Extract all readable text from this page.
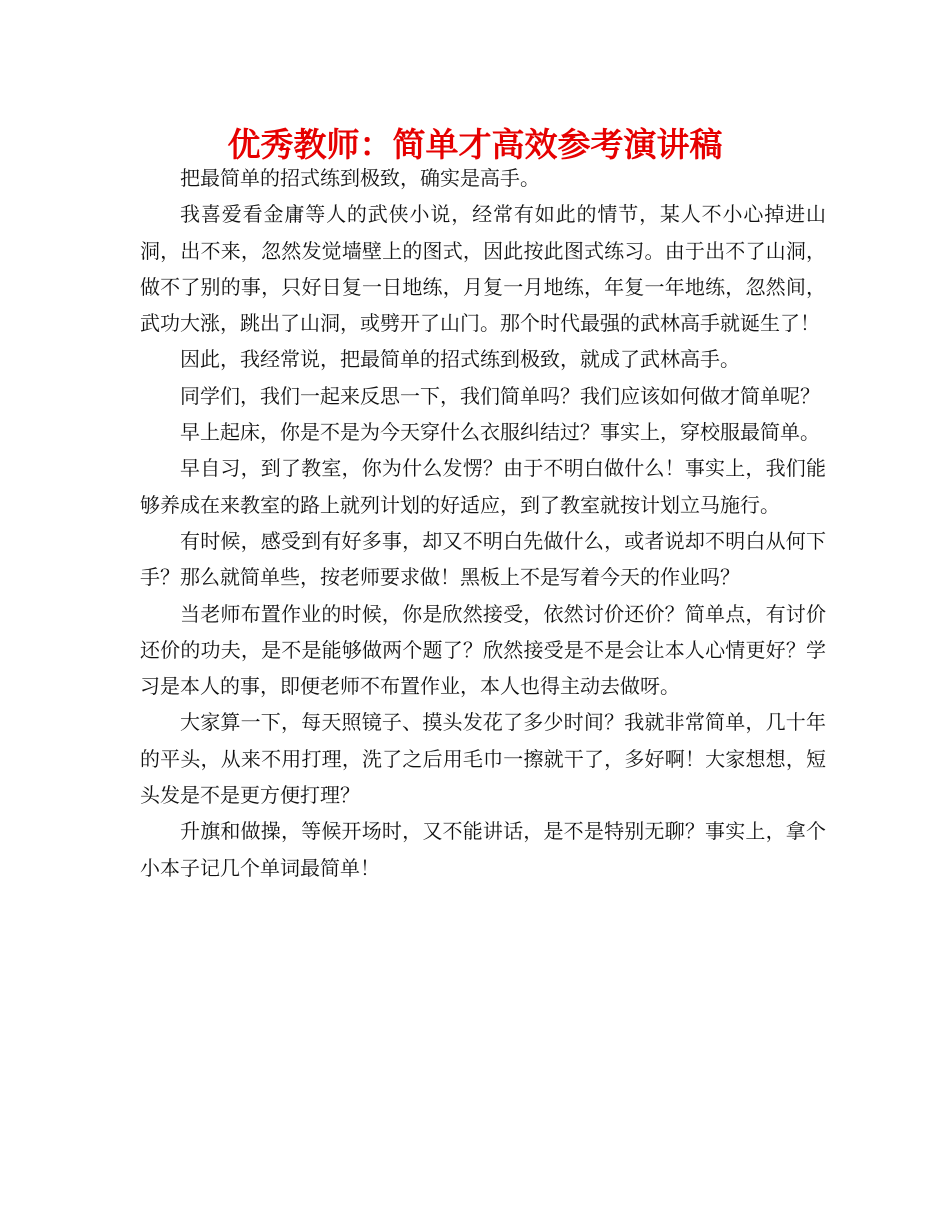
优秀教师：简单才高效参考演讲稿

把最简单的招式练到极致，确实是高手。

我喜爱看金庸等人的武侠小说，经常有如此的情节，某人不小心掉进山洞，出不来，忽然发觉墙壁上的图式，因此按此图式练习。由于出不了山洞，做不了别的事，只好日复一日地练，月复一月地练，年复一年地练，忽然间，武功大涨，跳出了山洞，或劈开了山门。那个时代最强的武林高手就诞生了！

因此，我经常说，把最简单的招式练到极致，就成了武林高手。

同学们，我们一起来反思一下，我们简单吗？我们应该如何做才简单呢？

早上起床，你是不是为今天穿什么衣服纠结过？事实上，穿校服最简单。

早自习，到了教室，你为什么发愣？由于不明白做什么！事实上，我们能够养成在来教室的路上就列计划的好适应，到了教室就按计划立马施行。

有时候，感受到有好多事，却又不明白先做什么，或者说却不明白从何下手？那么就简单些，按老师要求做！黑板上不是写着今天的作业吗？

当老师布置作业的时候，你是欣然接受，依然讨价还价？简单点，有讨价还价的功夫，是不是能够做两个题了？欣然接受是不是会让本人心情更好？学习是本人的事，即便老师不布置作业，本人也得主动去做呀。

大家算一下，每天照镜子、摸头发花了多少时间？我就非常简单，几十年的平头，从来不用打理，洗了之后用毛巾一擦就干了，多好啊！大家想想，短头发是不是更方便打理？

升旗和做操，等候开场时，又不能讲话，是不是特别无聊？事实上，拿个小本子记几个单词最简单！
